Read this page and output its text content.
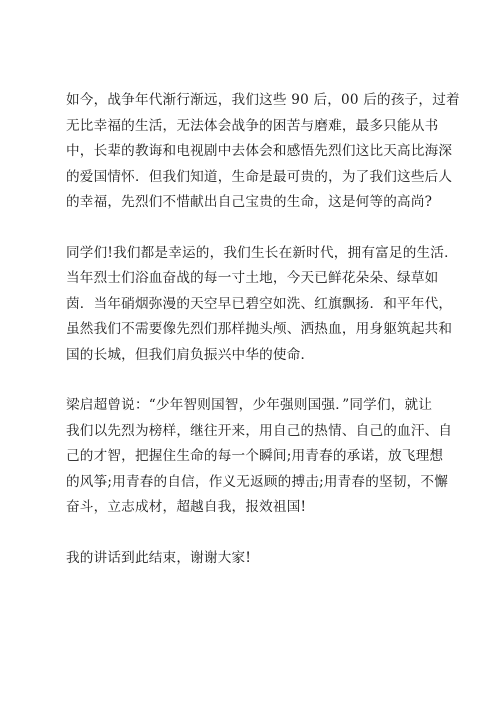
如今，战争年代渐行渐远，我们这些 90 后，00 后的孩子，过着
无比幸福的生活，无法体会战争的困苦与磨难，最多只能从书
中，长辈的教诲和电视剧中去体会和感悟先烈们这比天高比海深
的爱国情怀．但我们知道，生命是最可贵的，为了我们这些后人
的幸福，先烈们不惜献出自己宝贵的生命，这是何等的高尚?

同学们!我们都是幸运的，我们生长在新时代，拥有富足的生活．
当年烈士们浴血奋战的每一寸土地，今天已鲜花朵朵、绿草如
茵．当年硝烟弥漫的天空早已碧空如洗、红旗飘扬．和平年代，
虽然我们不需要像先烈们那样抛头颅、洒热血，用身躯筑起共和
国的长城，但我们肩负振兴中华的使命．

梁启超曾说：“少年智则国智，少年强则国强．”同学们，就让
我们以先烈为榜样，继往开来，用自己的热情、自己的血汗、自
己的才智，把握住生命的每一个瞬间;用青春的承诺，放飞理想
的风筝;用青春的自信，作义无返顾的搏击;用青春的坚韧，不懈
奋斗，立志成材，超越自我，报效祖国!

我的讲话到此结束，谢谢大家!
